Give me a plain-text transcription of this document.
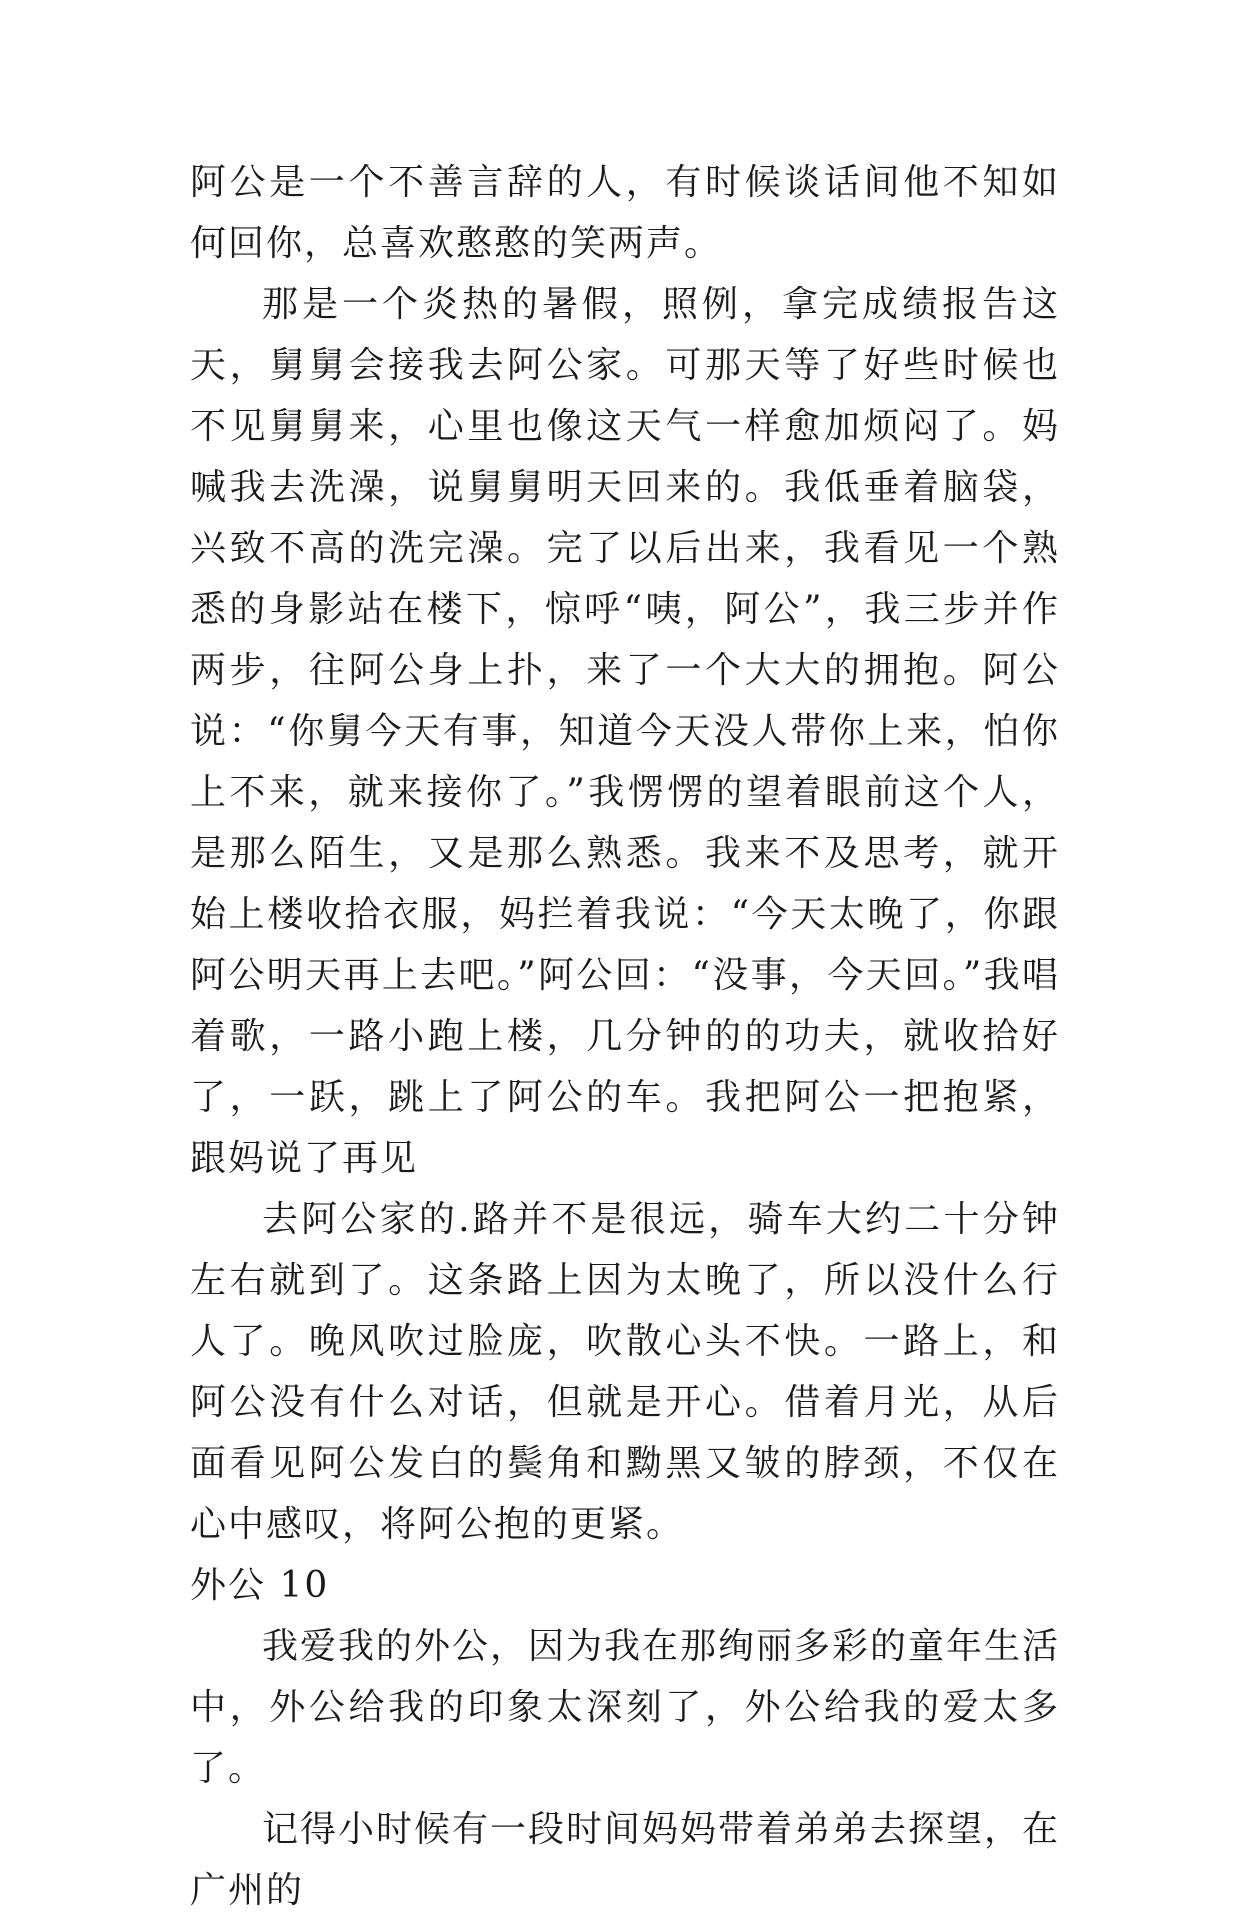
阿公是一个不善言辞的人，有时候谈话间他不知如何回你，总喜欢憨憨的笑两声。

那是一个炎热的暑假，照例，拿完成绩报告这天，舅舅会接我去阿公家。可那天等了好些时候也不见舅舅来，心里也像这天气一样愈加烦闷了。妈喊我去洗澡，说舅舅明天回来的。我低垂着脑袋，兴致不高的洗完澡。完了以后出来，我看见一个熟悉的身影站在楼下，惊呼“咦，阿公”，我三步并作两步，往阿公身上扑，来了一个大大的拥抱。阿公说：“你舅今天有事，知道今天没人带你上来，怕你上不来，就来接你了。”我愣愣的望着眼前这个人，是那么陌生，又是那么熟悉。我来不及思考，就开始上楼收拾衣服，妈拦着我说：“今天太晚了，你跟阿公明天再上去吧。”阿公回：“没事，今天回。”我唱着歌，一路小跑上楼，几分钟的的功夫，就收拾好了，一跃，跳上了阿公的车。我把阿公一把抱紧，跟妈说了再见

去阿公家的.路并不是很远，骑车大约二十分钟左右就到了。这条路上因为太晚了，所以没什么行人了。晚风吹过脸庞，吹散心头不快。一路上，和阿公没有什么对话，但就是开心。借着月光，从后面看见阿公发白的鬓角和黝黑又皱的脖颈，不仅在心中感叹，将阿公抱的更紧。

外公 10

我爱我的外公，因为我在那绚丽多彩的童年生活中，外公给我的印象太深刻了，外公给我的爱太多了。

记得小时候有一段时间妈妈带着弟弟去探望，在广州的
